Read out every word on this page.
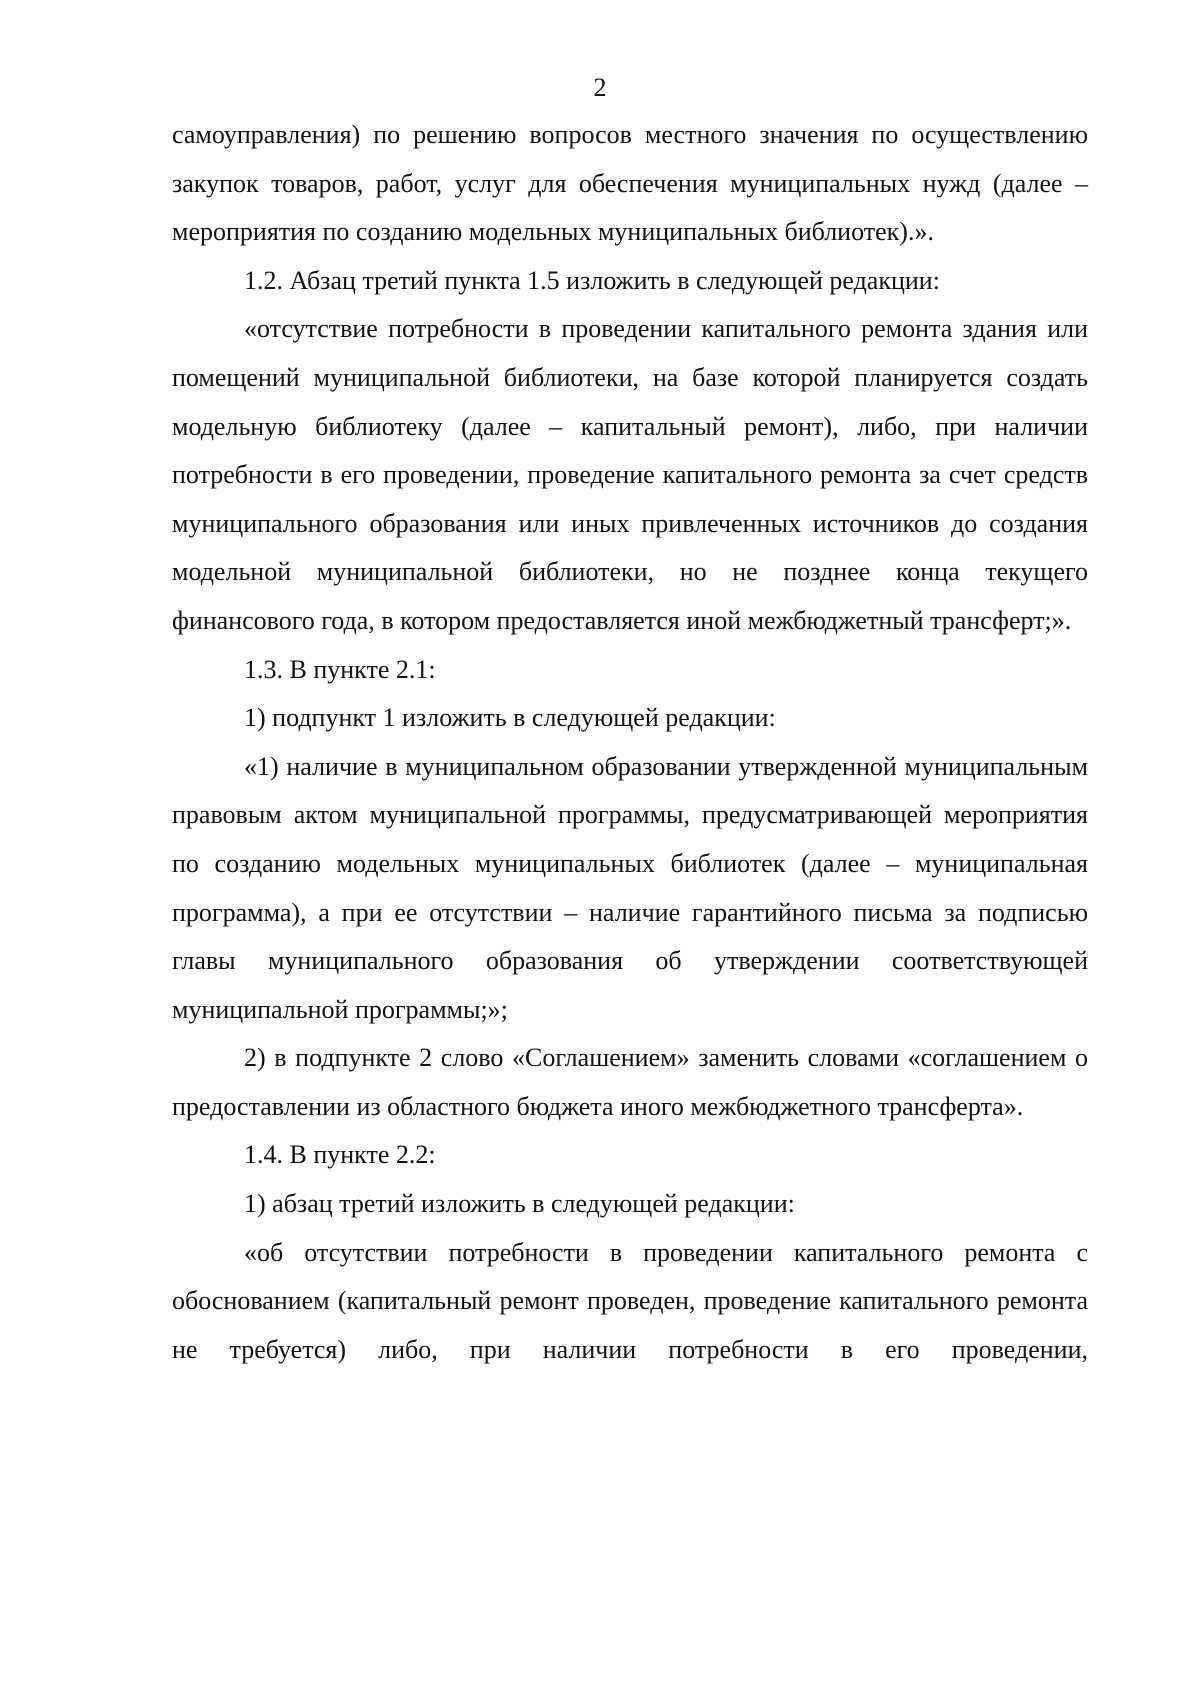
2

самоуправления) по решению вопросов местного значения по осуществлению закупок товаров, работ, услуг для обеспечения муниципальных нужд (далее – мероприятия по созданию модельных муниципальных библиотек).».

1.2. Абзац третий пункта 1.5 изложить в следующей редакции:

«отсутствие потребности в проведении капитального ремонта здания или помещений муниципальной библиотеки, на базе которой планируется создать модельную библиотеку (далее – капитальный ремонт), либо, при наличии потребности в его проведении, проведение капитального ремонта за счет средств муниципального образования или иных привлеченных источников до создания модельной муниципальной библиотеки, но не позднее конца текущего финансового года, в котором предоставляется иной межбюджетный трансферт;».

1.3. В пункте 2.1:

1) подпункт 1 изложить в следующей редакции:

«1) наличие в муниципальном образовании утвержденной муниципальным правовым актом муниципальной программы, предусматривающей мероприятия по созданию модельных муниципальных библиотек (далее – муниципальная программа), а при ее отсутствии – наличие гарантийного письма за подписью главы муниципального образования об утверждении соответствующей муниципальной программы;»;

2) в подпункте 2 слово «Соглашением» заменить словами «соглашением о предоставлении из областного бюджета иного межбюджетного трансферта».

1.4. В пункте 2.2:

1) абзац третий изложить в следующей редакции:

«об отсутствии потребности в проведении капитального ремонта с обоснованием (капитальный ремонт проведен, проведение капитального ремонта не требуется) либо, при наличии потребности в его проведении,
